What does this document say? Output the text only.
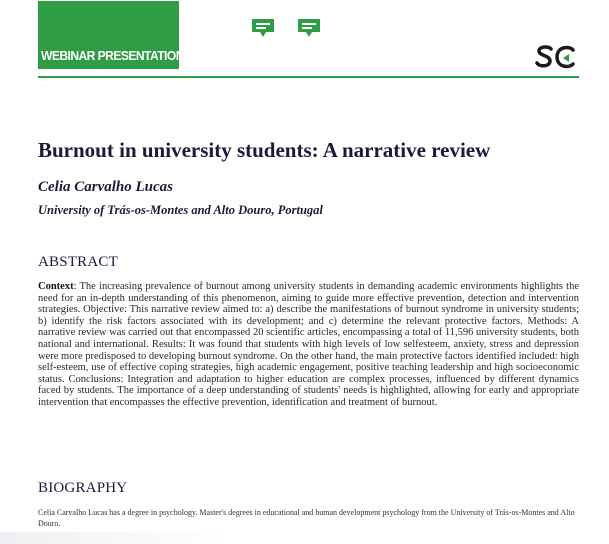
WEBINAR PRESENTATION
Burnout in university students: A narrative review
Celia Carvalho Lucas
University of Trás-os-Montes and Alto Douro, Portugal
ABSTRACT

Context: The increasing prevalence of burnout among university students in demanding academic environments highlights the need for an in-depth understanding of this phenomenon, aiming to guide more effective prevention, detection and intervention strategies. Objective: This narrative review aimed to: a) describe the manifestations of burnout syndrome in university students; b) identify the risk factors associated with its development; and c) determine the relevant protective factors. Methods: A narrative review was carried out that encompassed 20 scientific articles, encompassing a total of 11,596 university students, both national and international. Results: It was found that students with high levels of low selfesteem, anxiety, stress and depression were more predisposed to developing burnout syndrome. On the other hand, the main protective factors identified included: high self-esteem, use of effective coping strategies, high academic engagement, positive teaching leadership and high socioeconomic status. Conclusions: Integration and adaptation to higher education are complex processes, influenced by different dynamics faced by students. The importance of a deep understanding of students' needs is highlighted, allowing for early and appropriate intervention that encompasses the effective prevention, identification and treatment of burnout.

BIOGRAPHY

Celia Carvalho Lucas has a degree in psychology. Master's degrees in educational and human development psychology from the University of Trás-os-Montes and Alto Douro.
